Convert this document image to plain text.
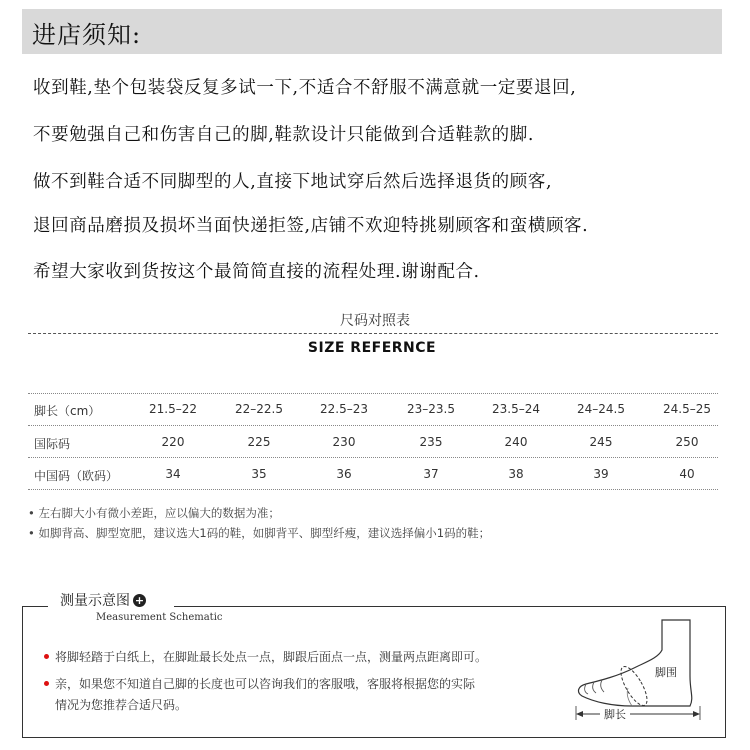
进店须知:
收到鞋,垫个包装袋反复多试一下,不适合不舒服不满意就一定要退回,
不要勉强自己和伤害自己的脚,鞋款设计只能做到合适鞋款的脚.
做不到鞋合适不同脚型的人,直接下地试穿后然后选择退货的顾客,
退回商品磨损及损坏当面快递拒签,店铺不欢迎特挑剔顾客和蛮横顾客.
希望大家收到货按这个最简简直接的流程处理.谢谢配合.
尺码对照表
SIZE REFERNCE
脚长（cm）	21.5–22	22–22.5	22.5–23	23–23.5	23.5–24	24–24.5	24.5–25
国际码	220	225	230	235	240	245	250
中国码（欧码）	34	35	36	37	38	39	40
• 左右脚大小有微小差距，应以偏大的数据为准；
• 如脚背高、脚型宽肥，建议选大1码的鞋，如脚背平、脚型纤瘦，建议选择偏小1码的鞋；
测量示意图 +
Measurement Schematic
将脚轻踏于白纸上，在脚趾最长处点一点，脚跟后面点一点，测量两点距离即可。
亲，如果您不知道自己脚的长度也可以咨询我们的客服哦，客服将根据您的实际
情况为您推荐合适尺码。
脚长
脚围
